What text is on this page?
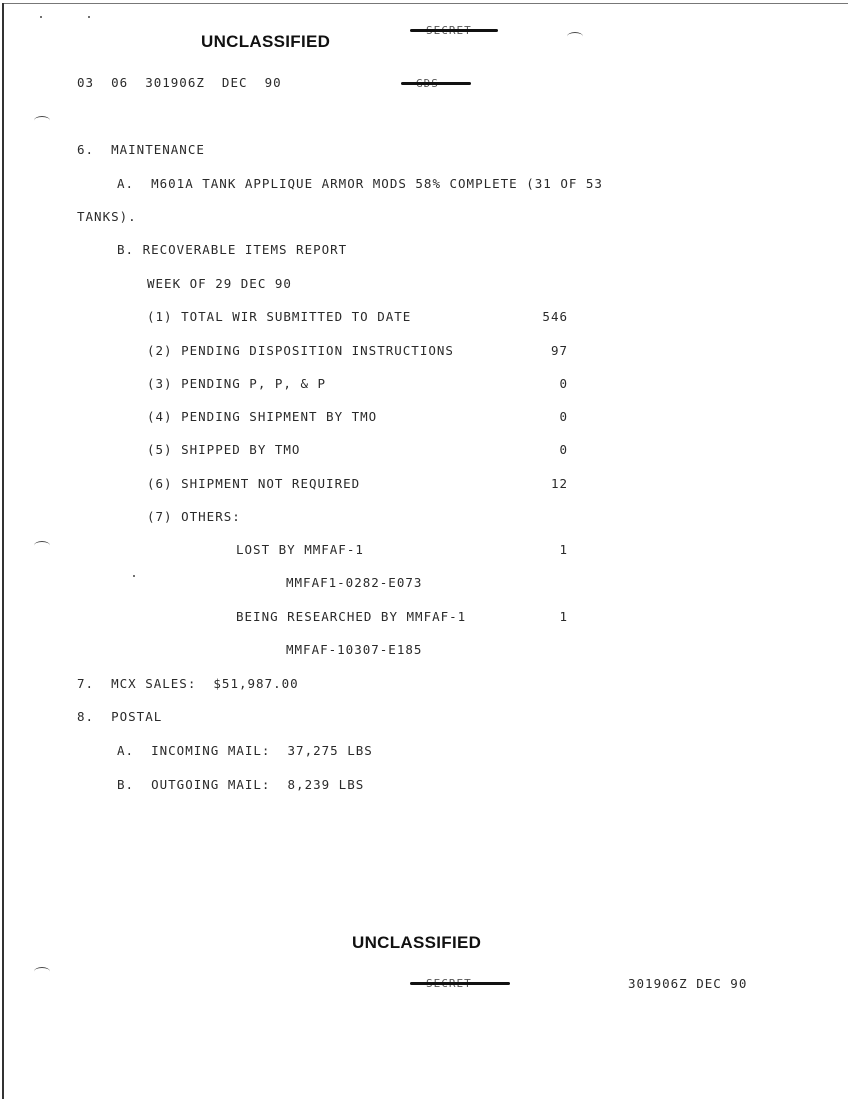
UNCLASSIFIED
03  06  301906Z  DEC  90
6.  MAINTENANCE
A.  M601A TANK APPLIQUE ARMOR MODS 58% COMPLETE (31 OF 53
TANKS).
B. RECOVERABLE ITEMS REPORT
WEEK OF 29 DEC 90
(1) TOTAL WIR SUBMITTED TO DATE	546
(2) PENDING DISPOSITION INSTRUCTIONS	97
(3) PENDING P, P, & P	0
(4) PENDING SHIPMENT BY TMO	0
(5) SHIPPED BY TMO	0
(6) SHIPMENT NOT REQUIRED	12
(7) OTHERS:
LOST BY MMFAF-1	1
MMFAF1-0282-E073
BEING RESEARCHED BY MMFAF-1	1
MMFAF-10307-E185
7.  MCX SALES:  $51,987.00
8.  POSTAL
A.  INCOMING MAIL:  37,275 LBS
B.  OUTGOING MAIL:  8,239 LBS
UNCLASSIFIED
301906Z DEC 90
